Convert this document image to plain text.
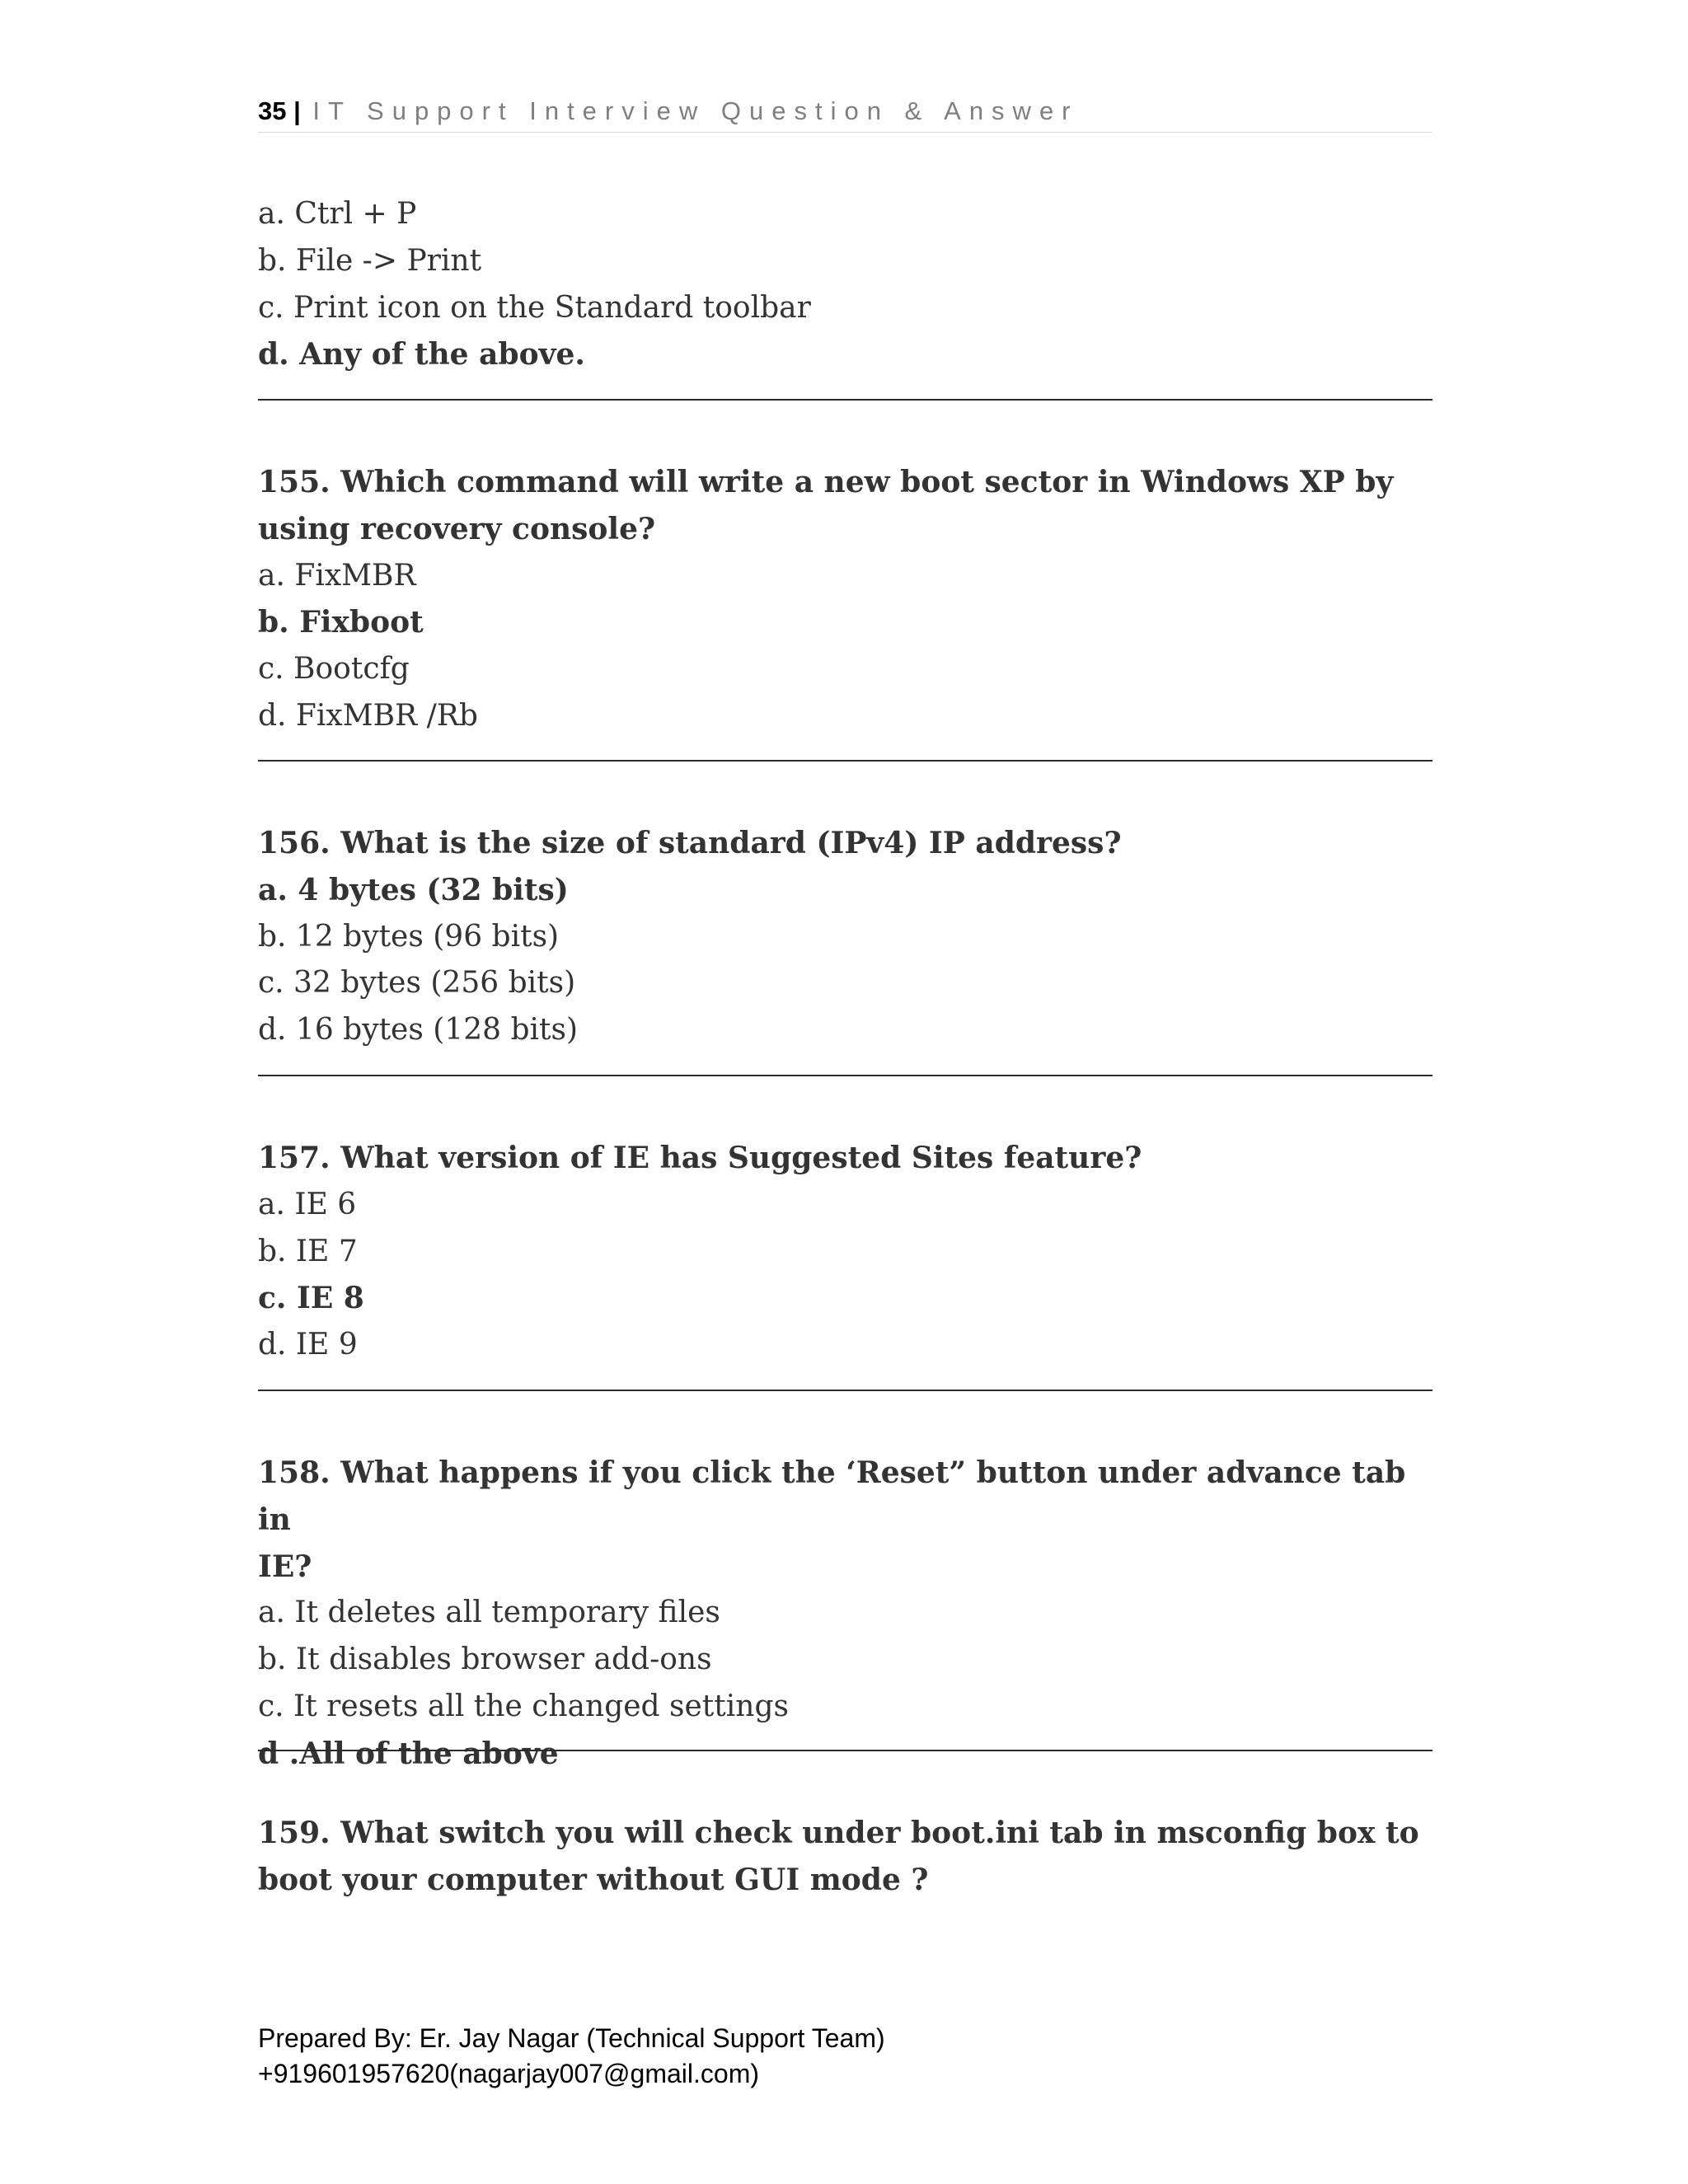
35 | IT Support Interview Question & Answer
a. Ctrl + P
b. File -> Print
c. Print icon on the Standard toolbar
d. Any of the above.
155. Which command will write a new boot sector in Windows XP by
using recovery console?
a. FixMBR
b. Fixboot
c. Bootcfg
d. FixMBR /Rb
156. What is the size of standard (IPv4) IP address?
a. 4 bytes (32 bits)
b. 12 bytes (96 bits)
c. 32 bytes (256 bits)
d. 16 bytes (128 bits)
157. What version of IE has Suggested Sites feature?
a. IE 6
b. IE 7
c. IE 8
d. IE 9
158. What happens if you click the ‘Reset” button under advance tab in
IE?
a. It deletes all temporary files
b. It disables browser add-ons
c. It resets all the changed settings
d .All of the above
159. What switch you will check under boot.ini tab in msconfig box to
boot your computer without GUI mode ?
Prepared By: Er. Jay Nagar (Technical Support Team)
+919601957620(nagarjay007@gmail.com)
